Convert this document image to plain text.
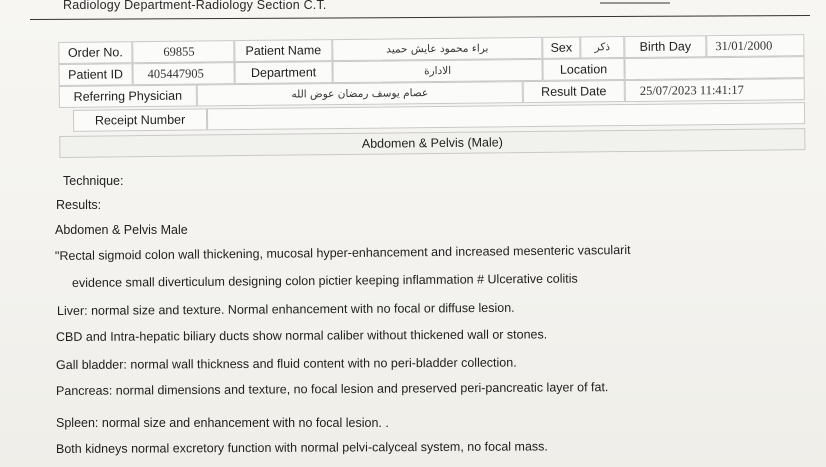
Radiology Department-Radiology Section C.T.
Order No.	69855	Patient Name	براء محمود عايش حميد	Sex	ذكر	Birth Day	31/01/2000
Patient ID	405447905	Department	الادارة	Location
Referring Physician	عصام يوسف رمضان عوض الله	Result Date	25/07/2023 11:41:17
Receipt Number
Abdomen & Pelvis (Male)
Technique:
Results:
Abdomen & Pelvis Male
"Rectal sigmoid colon wall thickening, mucosal hyper-enhancement and increased mesenteric vascularit
evidence small diverticulum designing colon pictier keeping inflammation # Ulcerative colitis
Liver: normal size and texture. Normal enhancement with no focal or diffuse lesion.
CBD and Intra-hepatic biliary ducts show normal caliber without thickened wall or stones.
Gall bladder: normal wall thickness and fluid content with no peri-bladder collection.
Pancreas: normal dimensions and texture, no focal lesion and preserved peri-pancreatic layer of fat.
Spleen: normal size and enhancement with no focal lesion. .
Both kidneys normal excretory function with normal pelvi-calyceal system, no focal mass.
